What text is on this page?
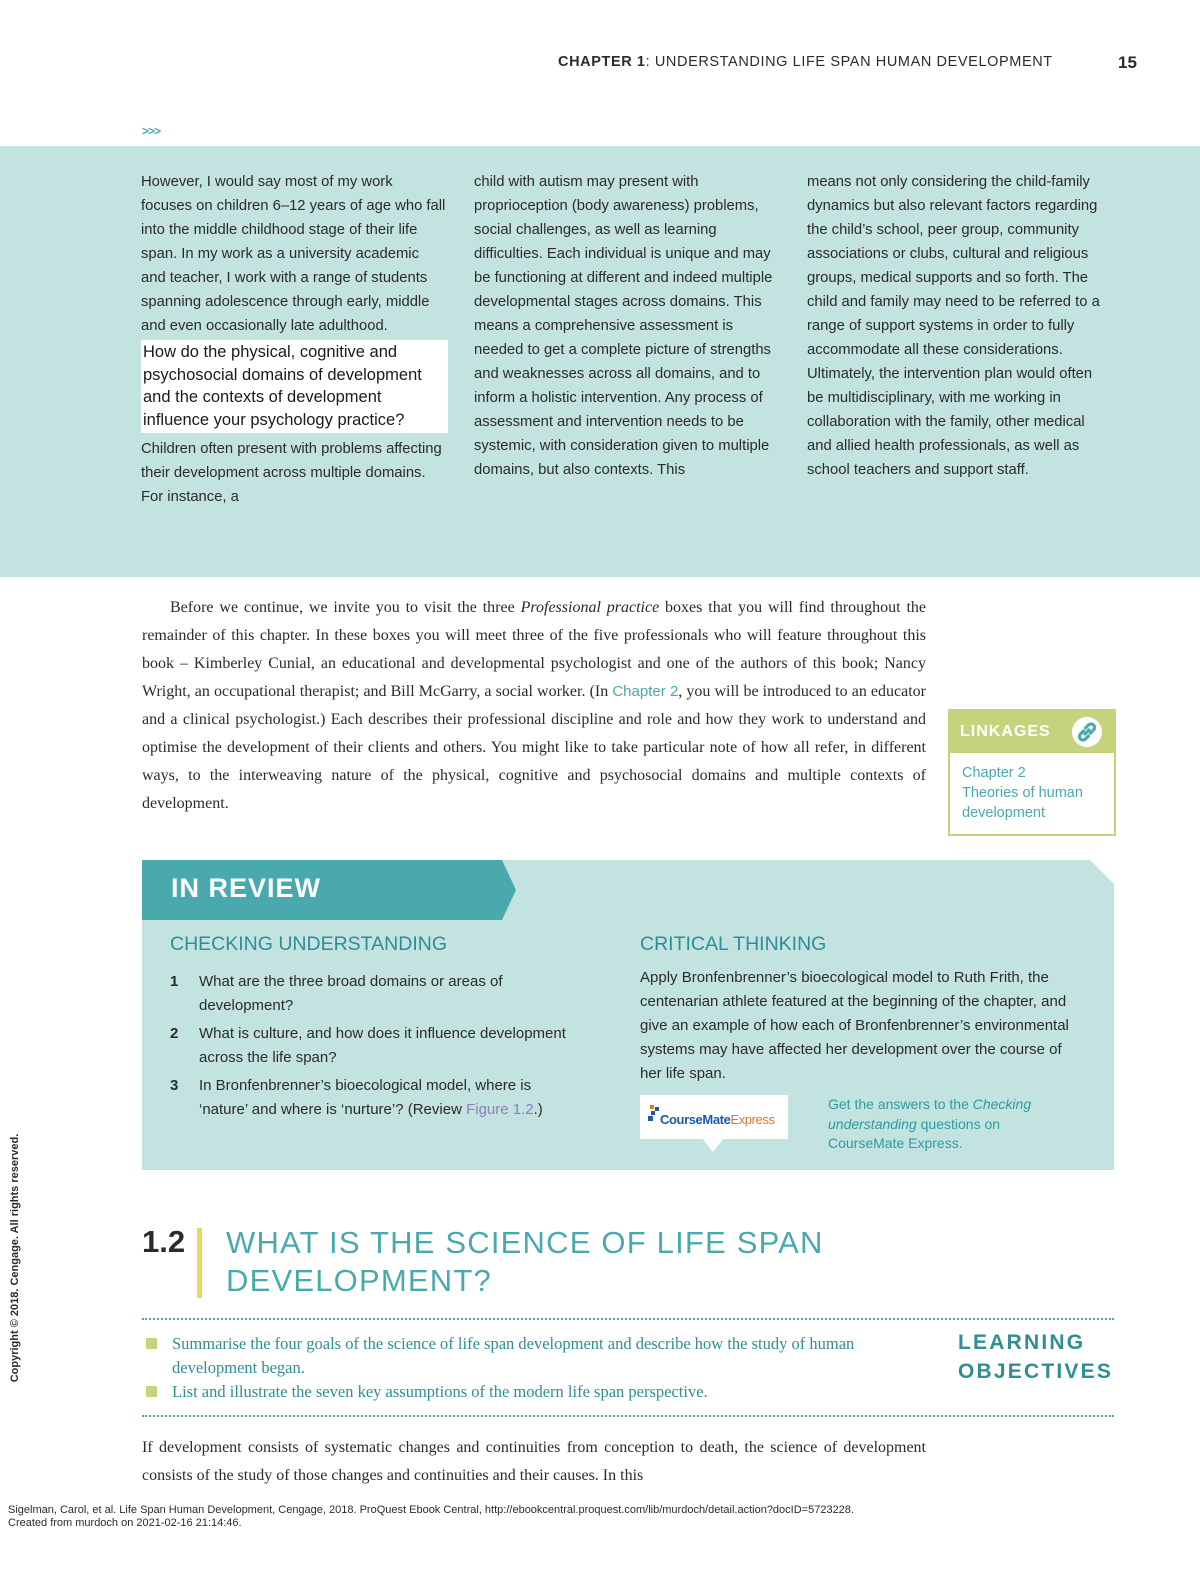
CHAPTER 1: UNDERSTANDING LIFE SPAN HUMAN DEVELOPMENT	15
>>>

However, I would say most of my work focuses on children 6–12 years of age who fall into the middle childhood stage of their life span. In my work as a university academic and teacher, I work with a range of students spanning adolescence through early, middle and even occasionally late adulthood.

How do the physical, cognitive and psychosocial domains of development and the contexts of development influence your psychology practice?

Children often present with problems affecting their development across multiple domains. For instance, a

child with autism may present with proprioception (body awareness) problems, social challenges, as well as learning difficulties. Each individual is unique and may be functioning at different and indeed multiple developmental stages across domains. This means a comprehensive assessment is needed to get a complete picture of strengths and weaknesses across all domains, and to inform a holistic intervention. Any process of assessment and intervention needs to be systemic, with consideration given to multiple domains, but also contexts. This

means not only considering the child-family dynamics but also relevant factors regarding the child’s school, peer group, community associations or clubs, cultural and religious groups, medical supports and so forth. The child and family may need to be referred to a range of support systems in order to fully accommodate all these considerations. Ultimately, the intervention plan would often be multidisciplinary, with me working in collaboration with the family, other medical and allied health professionals, as well as school teachers and support staff.

Before we continue, we invite you to visit the three Professional practice boxes that you will find throughout the remainder of this chapter. In these boxes you will meet three of the five professionals who will feature throughout this book – Kimberley Cunial, an educational and developmental psychologist and one of the authors of this book; Nancy Wright, an occupational therapist; and Bill McGarry, a social worker. (In Chapter 2, you will be introduced to an educator and a clinical psychologist.) Each describes their professional discipline and role and how they work to understand and optimise the development of their clients and others. You might like to take particular note of how all refer, in different ways, to the interweaving nature of the physical, cognitive and psychosocial domains and multiple contexts of development.
LINKAGES
Chapter 2
Theories of human development
IN REVIEW
CHECKING UNDERSTANDING
1 What are the three broad domains or areas of development?
2 What is culture, and how does it influence development across the life span?
3 In Bronfenbrenner’s bioecological model, where is ‘nature’ and where is ‘nurture’? (Review Figure 1.2.)
CRITICAL THINKING
Apply Bronfenbrenner’s bioecological model to Ruth Frith, the centenarian athlete featured at the beginning of the chapter, and give an example of how each of Bronfenbrenner’s environmental systems may have affected her development over the course of her life span.
CourseMateExpress
Get the answers to the Checking understanding questions on CourseMate Express.
1.2 WHAT IS THE SCIENCE OF LIFE SPAN DEVELOPMENT?
Summarise the four goals of the science of life span development and describe how the study of human development began.
List and illustrate the seven key assumptions of the modern life span perspective.
LEARNING
OBJECTIVES
If development consists of systematic changes and continuities from conception to death, the science of development consists of the study of those changes and continuities and their causes. In this
Sigelman, Carol, et al. Life Span Human Development, Cengage, 2018. ProQuest Ebook Central, http://ebookcentral.proquest.com/lib/murdoch/detail.action?docID=5723228.
Created from murdoch on 2021-02-16 21:14:46.
Copyright © 2018. Cengage. All rights reserved.
